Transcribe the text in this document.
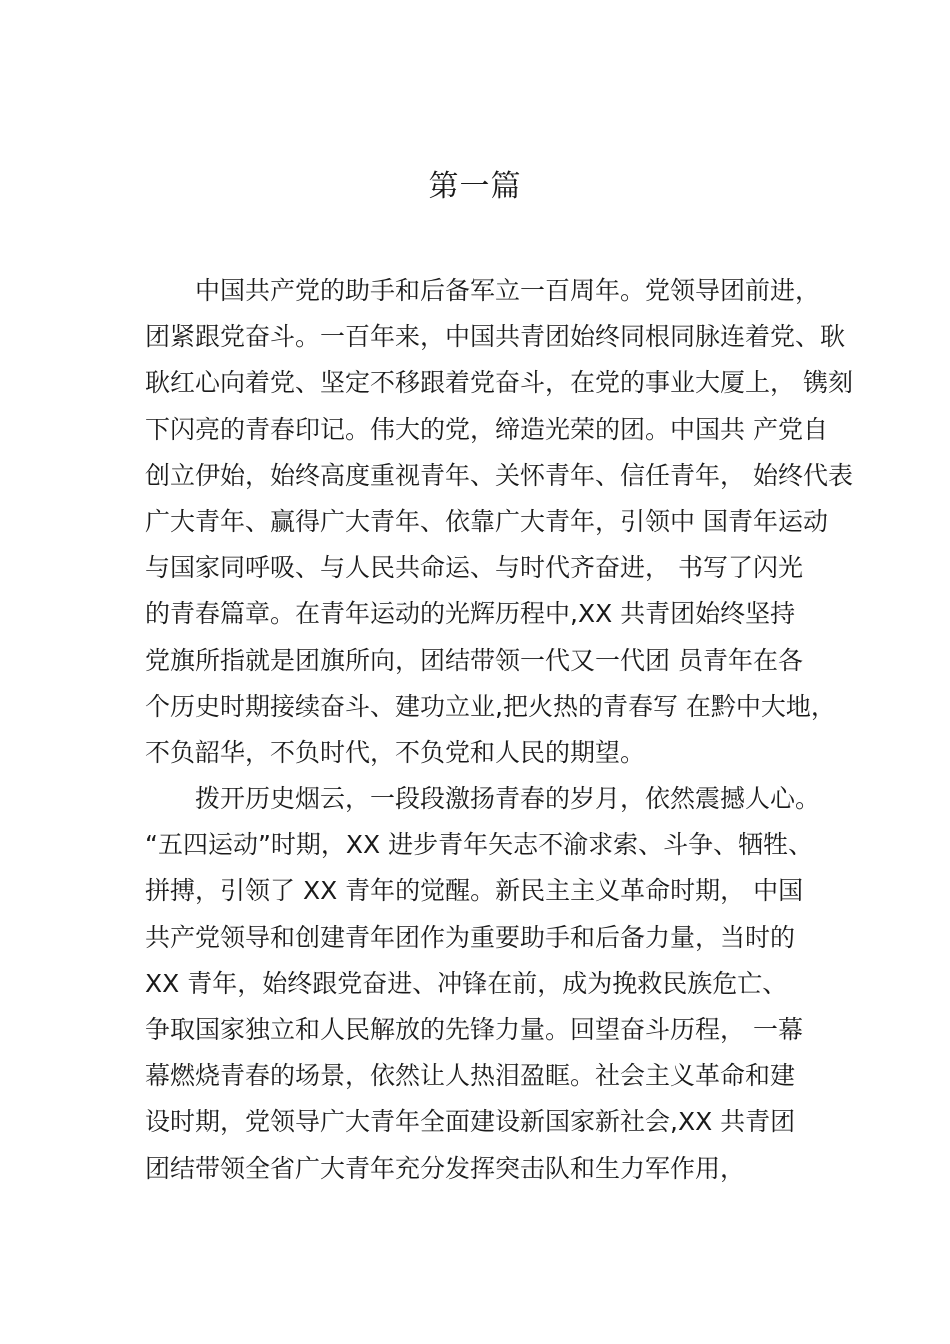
第一篇
中国共产党的助手和后备军立一百周年。党领导团前进，
团紧跟党奋斗。一百年来，中国共青团始终同根同脉连着党、耿
耿红心向着党、坚定不移跟着党奋斗，在党的事业大厦上， 镌刻
下闪亮的青春印记。伟大的党，缔造光荣的团。中国共 产党自
创立伊始，始终高度重视青年、关怀青年、信任青年， 始终代表
广大青年、赢得广大青年、依靠广大青年，引领中 国青年运动
与国家同呼吸、与人民共命运、与时代齐奋进， 书写了闪光
的青春篇章。在青年运动的光辉历程中,XX 共青团始终坚持
党旗所指就是团旗所向，团结带领一代又一代团 员青年在各
个历史时期接续奋斗、建功立业,把火热的青春写 在黔中大地，
不负韶华，不负时代，不负党和人民的期望。
拨开历史烟云，一段段激扬青春的岁月，依然震撼人心。
“五四运动”时期，XX 进步青年矢志不渝求索、斗争、牺牲、
拼搏，引领了 XX 青年的觉醒。新民主主义革命时期， 中国
共产党领导和创建青年团作为重要助手和后备力量，当时的
XX 青年，始终跟党奋进、冲锋在前，成为挽救民族危亡、
争取国家独立和人民解放的先锋力量。回望奋斗历程， 一幕
幕燃烧青春的场景，依然让人热泪盈眶。社会主义革命和建
设时期，党领导广大青年全面建设新国家新社会,XX 共青团
团结带领全省广大青年充分发挥突击队和生力军作用，
